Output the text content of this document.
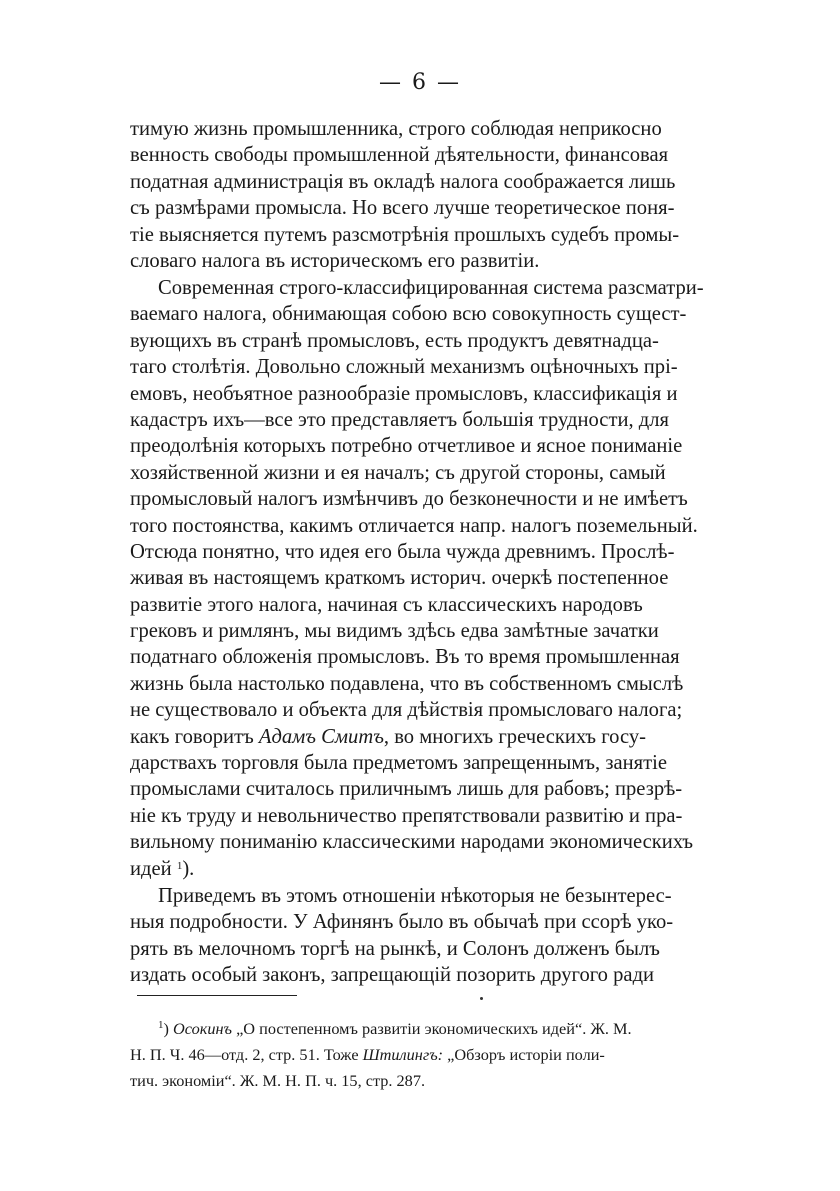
— 6 —
тимую жизнь промышленника, строго соблюдая неприкосно
венность свободы промышленной дѣятельности, финансовая
податная администрація въ окладѣ налога соображается лишь
съ размѣрами промысла. Но всего лучше теоретическое поня-
тіе выясняется путемъ разсмотрѣнія прошлыхъ судебъ промы-
словаго налога въ историческомъ его развитіи.
Современная строго-классифицированная система разсматри-
ваемаго налога, обнимающая собою всю совокупность сущест-
вующихъ въ странѣ промысловъ, есть продуктъ девятнадца-
таго столѣтія. Довольно сложный механизмъ оцѣночныхъ прі-
емовъ, необъятное разнообразіе промысловъ, классификація и
кадастръ ихъ—все это представляетъ большія трудности, для
преодолѣнія которыхъ потребно отчетливое и ясное пониманіе
хозяйственной жизни и ея началъ; съ другой стороны, самый
промысловый налогъ измѣнчивъ до безконечности и не имѣетъ
того постоянства, какимъ отличается напр. налогъ поземельный.
Отсюда понятно, что идея его была чужда древнимъ. Прослѣ-
живая въ настоящемъ краткомъ историч. очеркѣ постепенное
развитіе этого налога, начиная съ классическихъ народовъ
грековъ и римлянъ, мы видимъ здѣсь едва замѣтные зачатки
податнаго обложенія промысловъ. Въ то время промышленная
жизнь была настолько подавлена, что въ собственномъ смыслѣ
не существовало и объекта для дѣйствія промысловаго налога;
какъ говоритъ Адамъ Смитъ, во многихъ греческихъ госу-
дарствахъ торговля была предметомъ запрещеннымъ, занятіе
промыслами считалось приличнымъ лишь для рабовъ; презрѣ-
ніе къ труду и невольничество препятствовали развитію и пра-
вильному пониманію классическими народами экономическихъ
идей $^1$).
Приведемъ въ этомъ отношеніи нѣкоторыя не безынтерес-
ныя подробности. У Афинянъ было въ обычаѣ при ссорѣ уко-
рять въ мелочномъ торгѣ на рынкѣ, и Солонъ долженъ былъ
издать особый законъ, запрещающій позорить другого ради
$^1$) Осокинъ „О постепенномъ развитіи экономическихъ идей“. Ж. М.
Н. П. Ч. 46—отд. 2, стр. 51. Тоже Штилингъ: „Обзоръ исторіи поли-
тич. экономіи“. Ж. М. Н. П. ч. 15, стр. 287.
